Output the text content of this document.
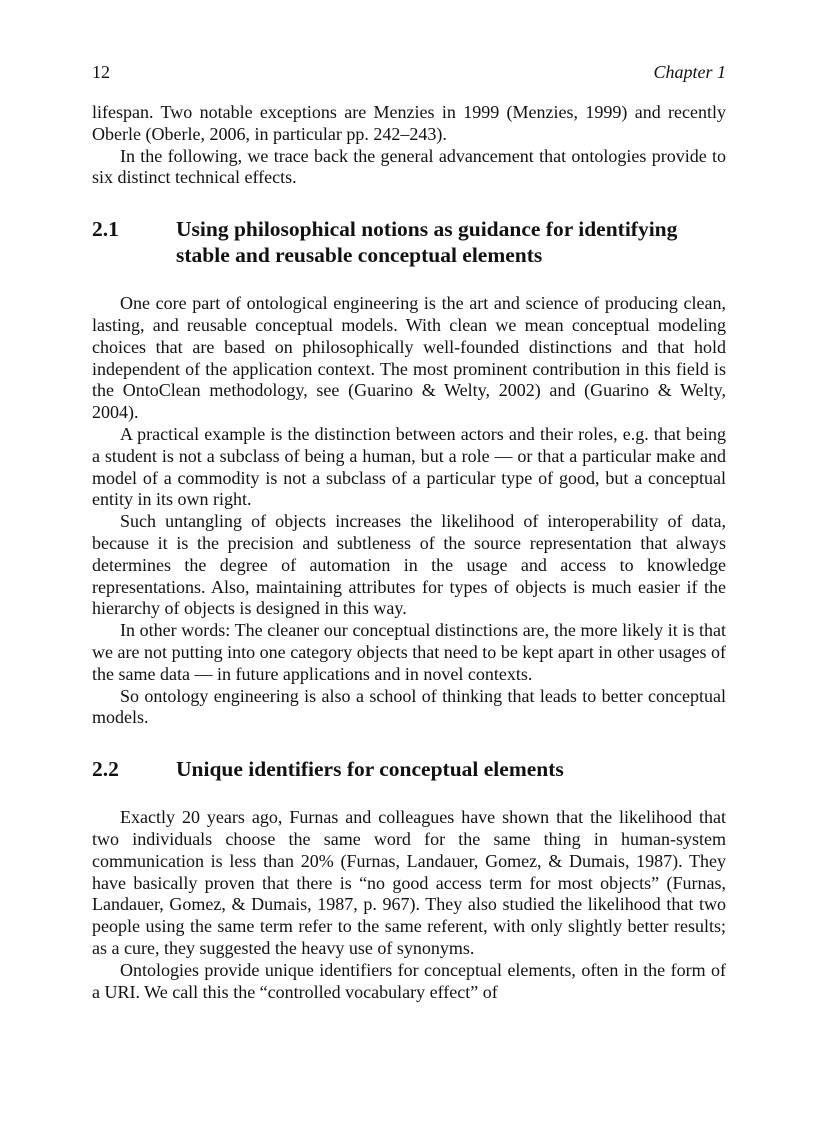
12	Chapter 1

lifespan. Two notable exceptions are Menzies in 1999 (Menzies, 1999) and recently Oberle (Oberle, 2006, in particular pp. 242–243).

In the following, we trace back the general advancement that ontologies provide to six distinct technical effects.

2.1	Using philosophical notions as guidance for identifying stable and reusable conceptual elements

One core part of ontological engineering is the art and science of producing clean, lasting, and reusable conceptual models. With clean we mean conceptual modeling choices that are based on philosophically well-founded distinctions and that hold independent of the application context. The most prominent contribution in this field is the OntoClean methodology, see (Guarino & Welty, 2002) and (Guarino & Welty, 2004).

A practical example is the distinction between actors and their roles, e.g. that being a student is not a subclass of being a human, but a role — or that a particular make and model of a commodity is not a subclass of a particular type of good, but a conceptual entity in its own right.

Such untangling of objects increases the likelihood of interoperability of data, because it is the precision and subtleness of the source representation that always determines the degree of automation in the usage and access to knowledge representations. Also, maintaining attributes for types of objects is much easier if the hierarchy of objects is designed in this way.

In other words: The cleaner our conceptual distinctions are, the more likely it is that we are not putting into one category objects that need to be kept apart in other usages of the same data — in future applications and in novel contexts.

So ontology engineering is also a school of thinking that leads to better conceptual models.

2.2	Unique identifiers for conceptual elements

Exactly 20 years ago, Furnas and colleagues have shown that the likelihood that two individuals choose the same word for the same thing in human-system communication is less than 20% (Furnas, Landauer, Gomez, & Dumais, 1987). They have basically proven that there is “no good access term for most objects” (Furnas, Landauer, Gomez, & Dumais, 1987, p. 967). They also studied the likelihood that two people using the same term refer to the same referent, with only slightly better results; as a cure, they suggested the heavy use of synonyms.

Ontologies provide unique identifiers for conceptual elements, often in the form of a URI. We call this the “controlled vocabulary effect” of
